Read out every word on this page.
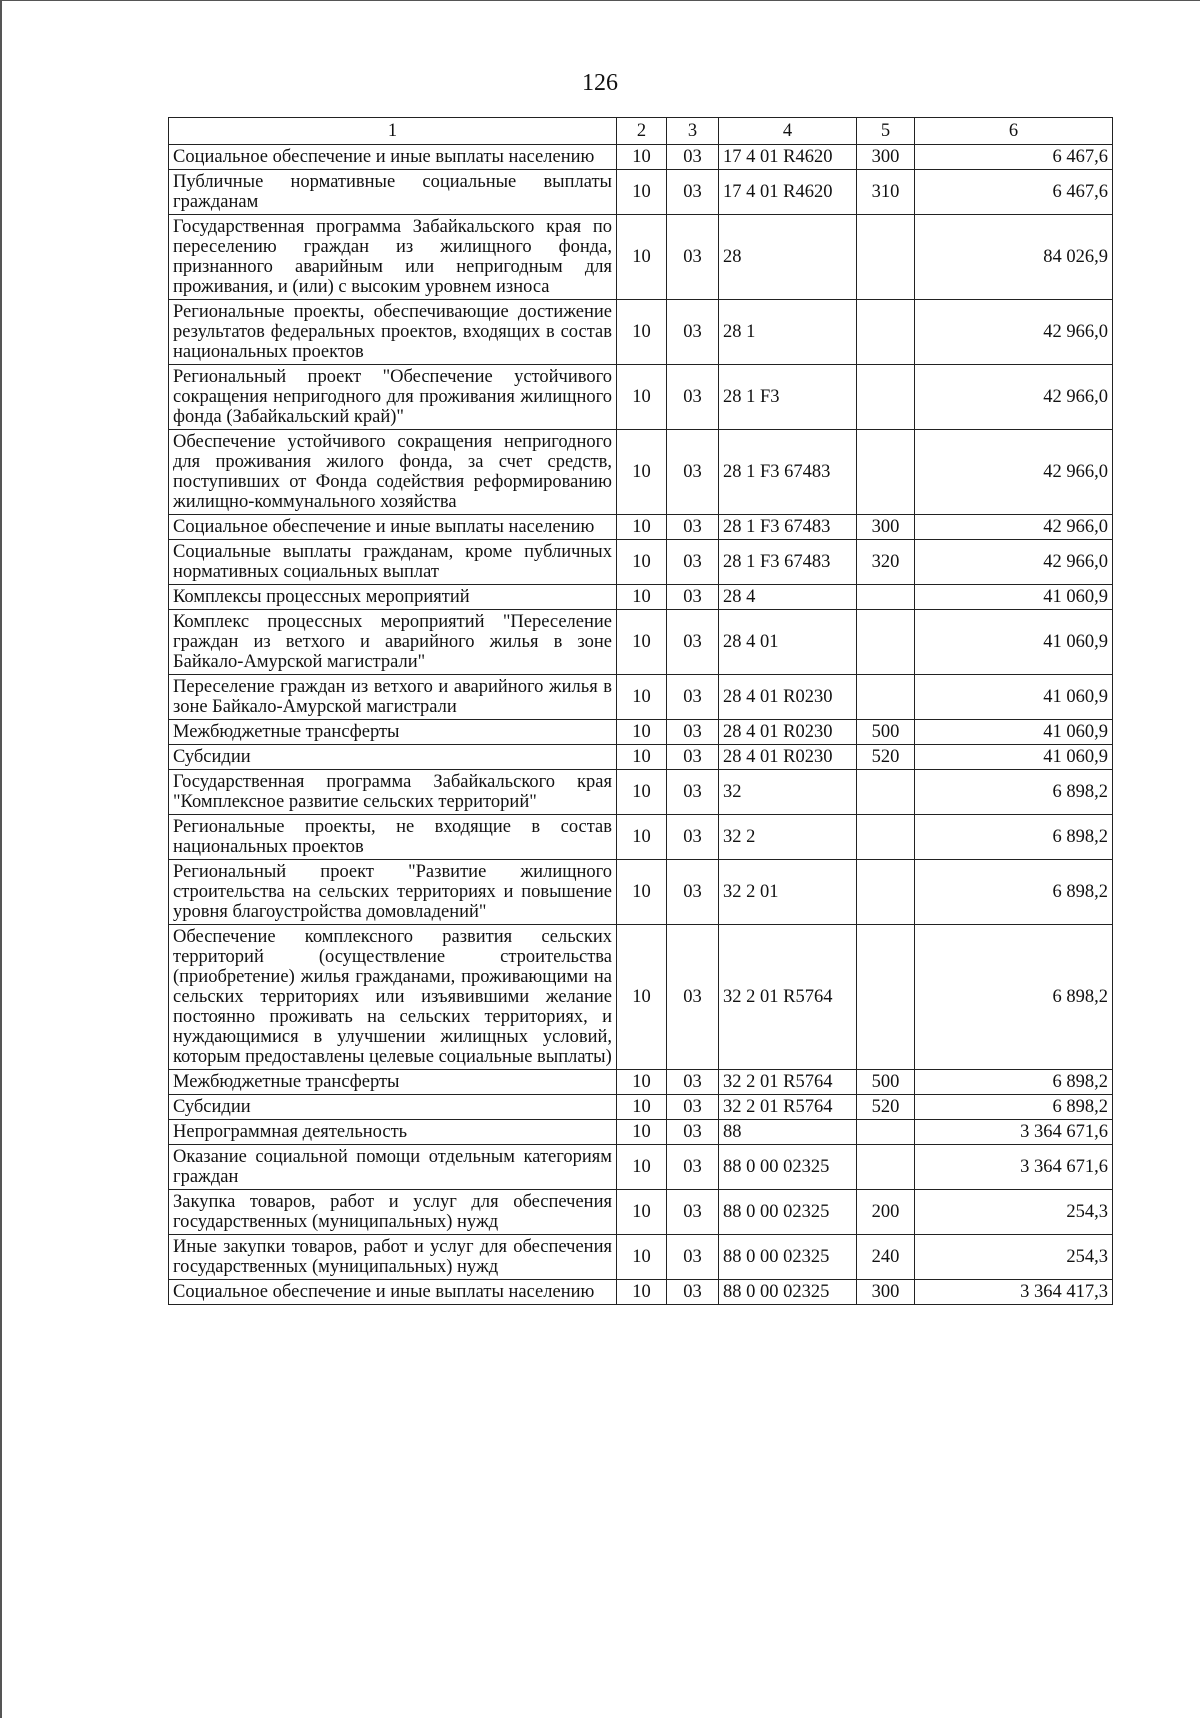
126
1	2	3	4	5	6
Социальное обеспечение и иные выплаты населению	10	03	17 4 01 R4620	300	6 467,6
Публичные нормативные социальные выплаты гражданам	10	03	17 4 01 R4620	310	6 467,6
Государственная программа Забайкальского края по переселению граждан из жилищного фонда, признанного аварийным или непригодным для проживания, и (или) с высоким уровнем износа	10	03	28		84 026,9
Региональные проекты, обеспечивающие достижение результатов федеральных проектов, входящих в состав национальных проектов	10	03	28 1		42 966,0
Региональный проект "Обеспечение устойчивого сокращения непригодного для проживания жилищного фонда (Забайкальский край)"	10	03	28 1 F3		42 966,0
Обеспечение устойчивого сокращения непригодного для проживания жилого фонда, за счет средств, поступивших от Фонда содействия реформированию жилищно-коммунального хозяйства	10	03	28 1 F3 67483		42 966,0
Социальное обеспечение и иные выплаты населению	10	03	28 1 F3 67483	300	42 966,0
Социальные выплаты гражданам, кроме публичных нормативных социальных выплат	10	03	28 1 F3 67483	320	42 966,0
Комплексы процессных мероприятий	10	03	28 4		41 060,9
Комплекс процессных мероприятий "Переселение граждан из ветхого и аварийного жилья в зоне Байкало-Амурской магистрали"	10	03	28 4 01		41 060,9
Переселение граждан из ветхого и аварийного жилья в зоне Байкало-Амурской магистрали	10	03	28 4 01 R0230		41 060,9
Межбюджетные трансферты	10	03	28 4 01 R0230	500	41 060,9
Субсидии	10	03	28 4 01 R0230	520	41 060,9
Государственная программа Забайкальского края "Комплексное развитие сельских территорий"	10	03	32		6 898,2
Региональные проекты, не входящие в состав национальных проектов	10	03	32 2		6 898,2
Региональный проект "Развитие жилищного строительства на сельских территориях и повышение уровня благоустройства домовладений"	10	03	32 2 01		6 898,2
Обеспечение комплексного развития сельских территорий (осуществление строительства (приобретение) жилья гражданами, проживающими на сельских территориях или изъявившими желание постоянно проживать на сельских территориях, и нуждающимися в улучшении жилищных условий, которым предоставлены целевые социальные выплаты)	10	03	32 2 01 R5764		6 898,2
Межбюджетные трансферты	10	03	32 2 01 R5764	500	6 898,2
Субсидии	10	03	32 2 01 R5764	520	6 898,2
Непрограммная деятельность	10	03	88		3 364 671,6
Оказание социальной помощи отдельным категориям граждан	10	03	88 0 00 02325		3 364 671,6
Закупка товаров, работ и услуг для обеспечения государственных (муниципальных) нужд	10	03	88 0 00 02325	200	254,3
Иные закупки товаров, работ и услуг для обеспечения государственных (муниципальных) нужд	10	03	88 0 00 02325	240	254,3
Социальное обеспечение и иные выплаты населению	10	03	88 0 00 02325	300	3 364 417,3
